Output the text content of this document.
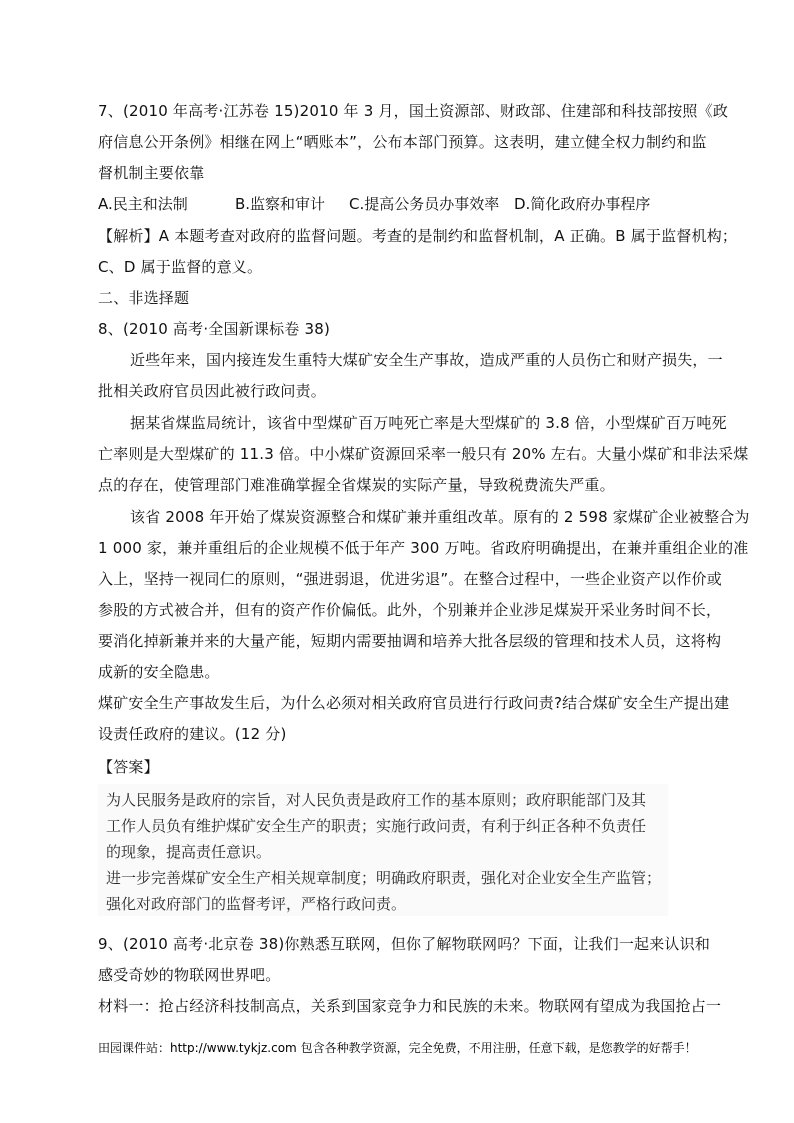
7、(2010 年高考·江苏卷 15)2010 年 3 月，国土资源部、财政部、住建部和科技部按照《政
府信息公开条例》相继在网上“晒账本”，公布本部门预算。这表明，建立健全权力制约和监
督机制主要依靠
A.民主和法制	B.监察和审计 C.提高公务员办事效率 D.简化政府办事程序
【解析】A 本题考查对政府的监督问题。考查的是制约和监督机制，A 正确。B 属于监督机构；
C、D 属于监督的意义。
二、非选择题
8、(2010 高考·全国新课标卷 38)
近些年来，国内接连发生重特大煤矿安全生产事故，造成严重的人员伤亡和财产损失，一
批相关政府官员因此被行政问责。
据某省煤监局统计，该省中型煤矿百万吨死亡率是大型煤矿的 3.8 倍，小型煤矿百万吨死
亡率则是大型煤矿的 11.3 倍。中小煤矿资源回采率一般只有 20% 左右。大量小煤矿和非法采煤
点的存在，使管理部门难准确掌握全省煤炭的实际产量，导致税费流失严重。
该省 2008 年开始了煤炭资源整合和煤矿兼并重组改革。原有的 2 598 家煤矿企业被整合为
1 000 家，兼并重组后的企业规模不低于年产 300 万吨。省政府明确提出，在兼并重组企业的准
入上，坚持一视同仁的原则，“强进弱退，优进劣退”。在整合过程中，一些企业资产以作价或
参股的方式被合并，但有的资产作价偏低。此外，个别兼并企业涉足煤炭开采业务时间不长，
要消化掉新兼并来的大量产能，短期内需要抽调和培养大批各层级的管理和技术人员，这将构
成新的安全隐患。
煤矿安全生产事故发生后，为什么必须对相关政府官员进行行政问责?结合煤矿安全生产提出建
设责任政府的建议。(12 分)
【答案】
为人民服务是政府的宗旨，对人民负责是政府工作的基本原则；政府职能部门及其
工作人员负有维护煤矿安全生产的职责；实施行政问责，有利于纠正各种不负责任
的现象，提高责任意识。
进一步完善煤矿安全生产相关规章制度；明确政府职责，强化对企业安全生产监管；
强化对政府部门的监督考评，严格行政问责。
9、(2010 高考·北京卷 38)你熟悉互联网，但你了解物联网吗？下面，让我们一起来认识和
感受奇妙的物联网世界吧。
材料一：抢占经济科技制高点，关系到国家竞争力和民族的未来。物联网有望成为我国抢占一
田园课件站：http://www.tykjz.com 包含各种教学资源，完全免费，不用注册，任意下载，是您教学的好帮手！
